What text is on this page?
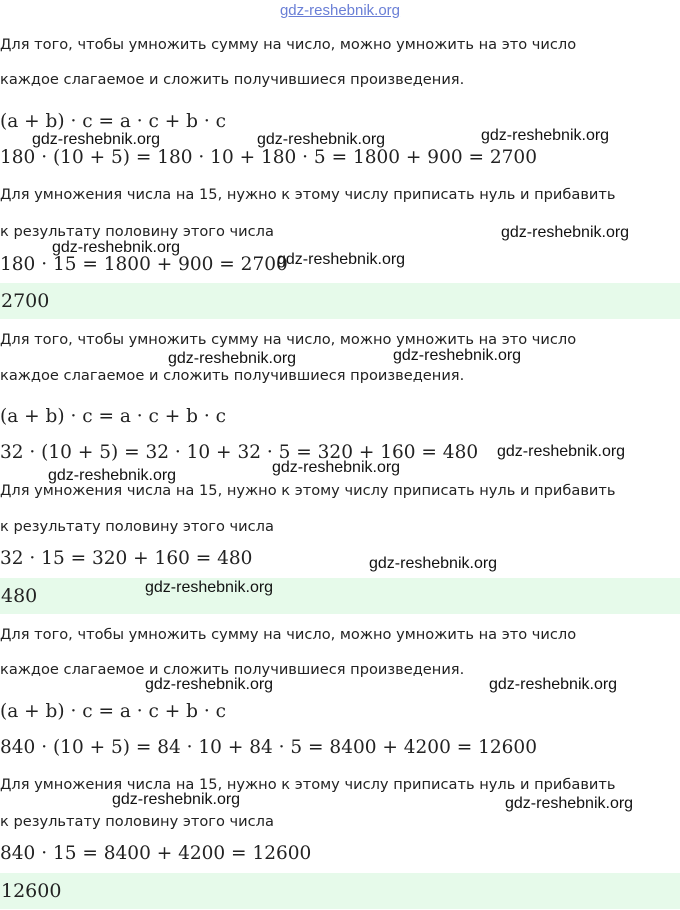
gdz-reshebnik.org
Для того, чтобы умножить сумму на число, можно умножить на это число
каждое слагаемое и сложить получившиеся произведения.
(a + b) · c = a · c + b · c
180 · (10 + 5) = 180 · 10 + 180 · 5 = 1800 + 900 = 2700
Для умножения числа на 15, нужно к этому числу приписать нуль и прибавить
к результату половину этого числа
180 · 15 = 1800 + 900 = 2700
2700
Для того, чтобы умножить сумму на число, можно умножить на это число
каждое слагаемое и сложить получившиеся произведения.
(a + b) · c = a · c + b · c
32 · (10 + 5) = 32 · 10 + 32 · 5 = 320 + 160 = 480
Для умножения числа на 15, нужно к этому числу приписать нуль и прибавить
к результату половину этого числа
32 · 15 = 320 + 160 = 480
480
Для того, чтобы умножить сумму на число, можно умножить на это число
каждое слагаемое и сложить получившиеся произведения.
(a + b) · c = a · c + b · c
840 · (10 + 5) = 84 · 10 + 84 · 5 = 8400 + 4200 = 12600
Для умножения числа на 15, нужно к этому числу приписать нуль и прибавить
к результату половину этого числа
840 · 15 = 8400 + 4200 = 12600
12600
gdz-reshebnik.org	gdz-reshebnik.org	gdz-reshebnik.org
gdz-reshebnik.org
gdz-reshebnik.org
gdz-reshebnik.org
gdz-reshebnik.org	gdz-reshebnik.org
gdz-reshebnik.org
gdz-reshebnik.org
gdz-reshebnik.org
gdz-reshebnik.org
gdz-reshebnik.org
gdz-reshebnik.org	gdz-reshebnik.org
gdz-reshebnik.org	gdz-reshebnik.org
